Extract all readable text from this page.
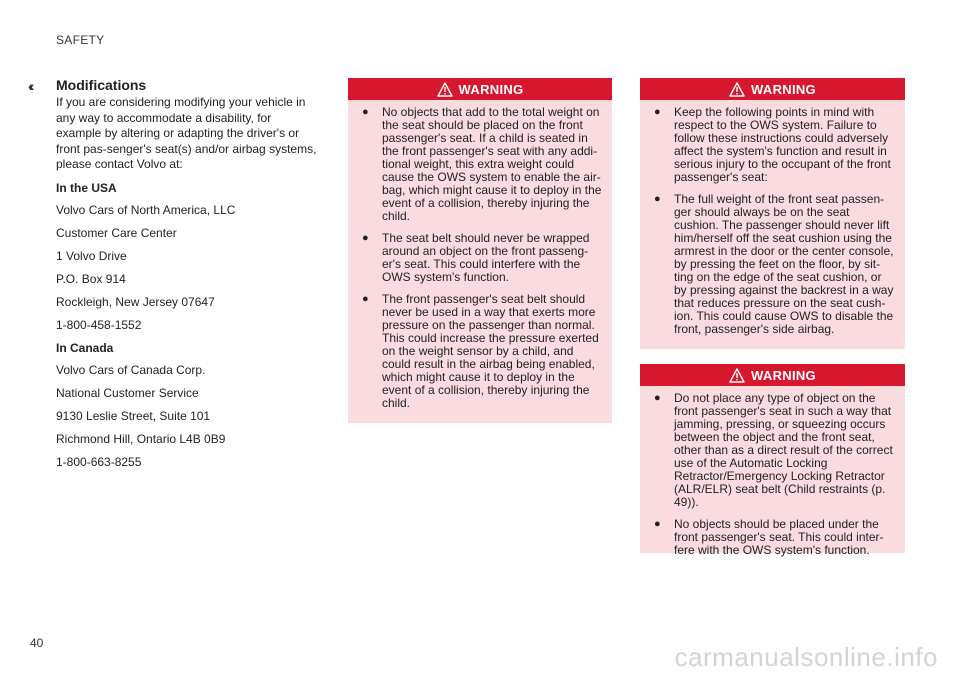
SAFETY
‹‹ Modifications

If you are considering modifying your vehicle in any way to accommodate a disability, for example by altering or adapting the driver's or front pas-senger's seat(s) and/or airbag systems, please contact Volvo at:

In the USA
Volvo Cars of North America, LLC
Customer Care Center
1 Volvo Drive
P.O. Box 914
Rockleigh, New Jersey 07647
1-800-458-1552
In Canada
Volvo Cars of Canada Corp.
National Customer Service
9130 Leslie Street, Suite 101
Richmond Hill, Ontario L4B 0B9
1-800-663-8255
WARNING
●	No objects that add to the total weight on the seat should be placed on the front passenger's seat. If a child is seated in the front passenger's seat with any addi-tional weight, this extra weight could cause the OWS system to enable the air-bag, which might cause it to deploy in the event of a collision, thereby injuring the child.
●	The seat belt should never be wrapped around an object on the front passeng-er's seat. This could interfere with the OWS system's function.
●	The front passenger's seat belt should never be used in a way that exerts more pressure on the passenger than normal. This could increase the pressure exerted on the weight sensor by a child, and could result in the airbag being enabled, which might cause it to deploy in the event of a collision, thereby injuring the child.
WARNING
●	Keep the following points in mind with respect to the OWS system. Failure to follow these instructions could adversely affect the system's function and result in serious injury to the occupant of the front passenger's seat:
●	The full weight of the front seat passen-ger should always be on the seat cushion. The passenger should never lift him/herself off the seat cushion using the armrest in the door or the center console, by pressing the feet on the floor, by sit-ting on the edge of the seat cushion, or by pressing against the backrest in a way that reduces pressure on the seat cush-ion. This could cause OWS to disable the front, passenger's side airbag.
WARNING
●	Do not place any type of object on the front passenger's seat in such a way that jamming, pressing, or squeezing occurs between the object and the front seat, other than as a direct result of the correct use of the Automatic Locking Retractor/Emergency Locking Retractor (ALR/ELR) seat belt (Child restraints (p. 49)).
●	No objects should be placed under the front passenger's seat. This could inter-fere with the OWS system's function.
40	carmanualsonline.info
